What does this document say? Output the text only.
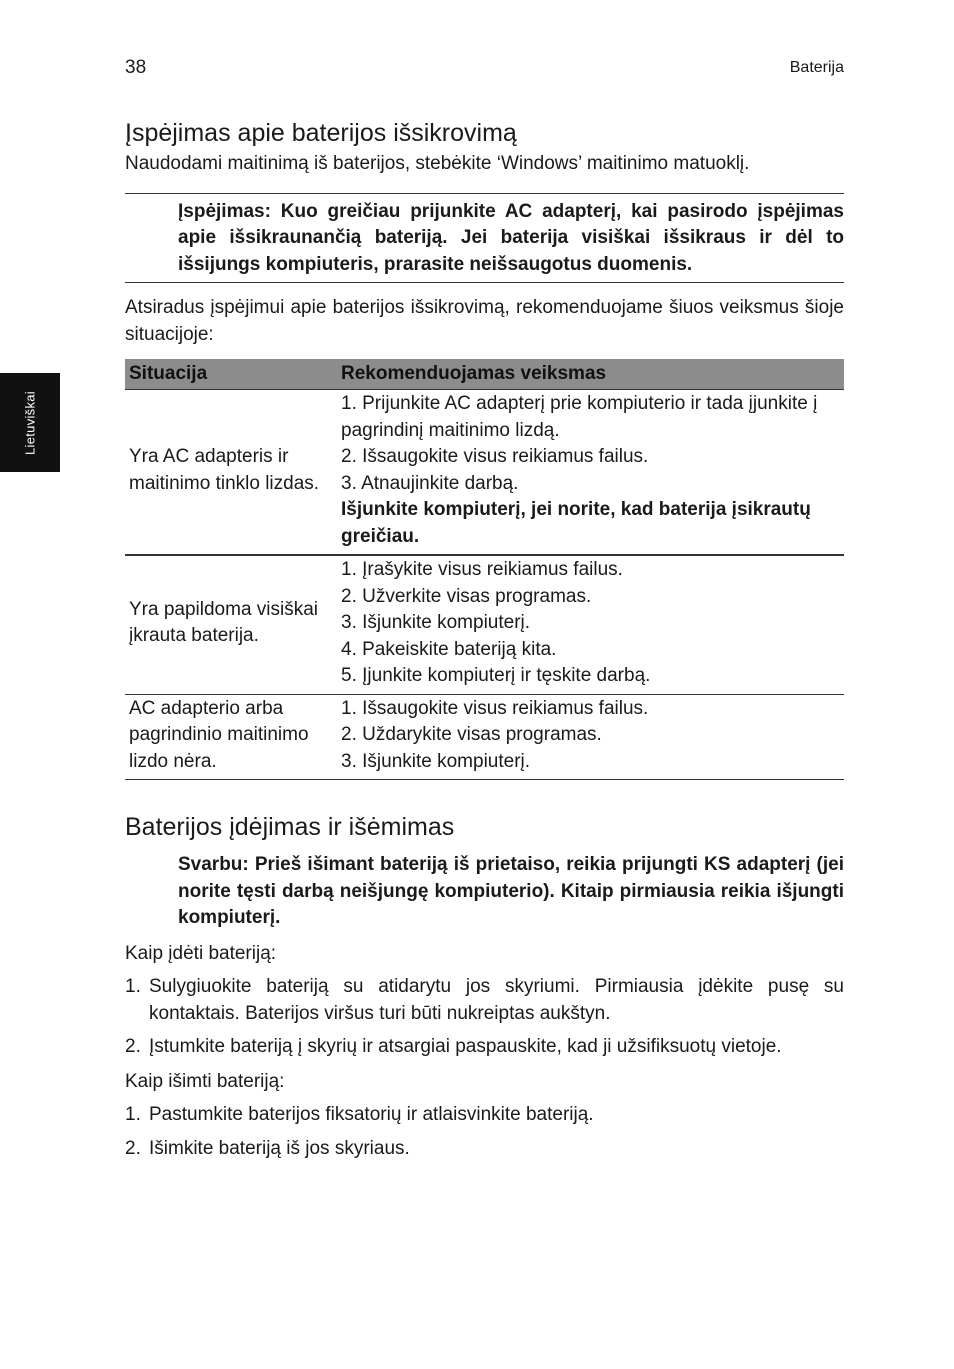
38	Baterija
Lietuviškai
Įspėjimas apie baterijos išsikrovimą

Naudodami maitinimą iš baterijos, stebėkite ‘Windows’ maitinimo matuoklį.

Įspėjimas: Kuo greičiau prijunkite AC adapterį, kai pasirodo įspėjimas apie išsikraunančią bateriją. Jei baterija visiškai išsikraus ir dėl to išsijungs kompiuteris, prarasite neišsaugotus duomenis.

Atsiradus įspėjimui apie baterijos išsikrovimą, rekomenduojame šiuos veiksmus šioje situacijoje:

Situacija	Rekomenduojamas veiksmas
Yra AC adapteris ir maitinimo tinklo lizdas.	1. Prijunkite AC adapterį prie kompiuterio ir tada įjunkite į pagrindinį maitinimo lizdą.
2. Išsaugokite visus reikiamus failus.
3. Atnaujinkite darbą.
Išjunkite kompiuterį, jei norite, kad baterija įsikrautų greičiau.

Yra papildoma visiškai įkrauta baterija.	1. Įrašykite visus reikiamus failus.
2. Užverkite visas programas.
3. Išjunkite kompiuterį.
4. Pakeiskite bateriją kita.
5. Įjunkite kompiuterį ir tęskite darbą.

AC adapterio arba pagrindinio maitinimo lizdo nėra.	1. Išsaugokite visus reikiamus failus.
2. Uždarykite visas programas.
3. Išjunkite kompiuterį.
Baterijos įdėjimas ir išėmimas

Svarbu: Prieš išimant bateriją iš prietaiso, reikia prijungti KS adapterį (jei norite tęsti darbą neišjungę kompiuterio). Kitaip pirmiausia reikia išjungti kompiuterį.

Kaip įdėti bateriją:

1. Sulygiuokite bateriją su atidarytu jos skyriumi. Pirmiausia įdėkite pusę su kontaktais. Baterijos viršus turi būti nukreiptas aukštyn.
2. Įstumkite bateriją į skyrių ir atsargiai paspauskite, kad ji užsifiksuotų vietoje.

Kaip išimti bateriją:

1. Pastumkite baterijos fiksatorių ir atlaisvinkite bateriją.
2. Išimkite bateriją iš jos skyriaus.
